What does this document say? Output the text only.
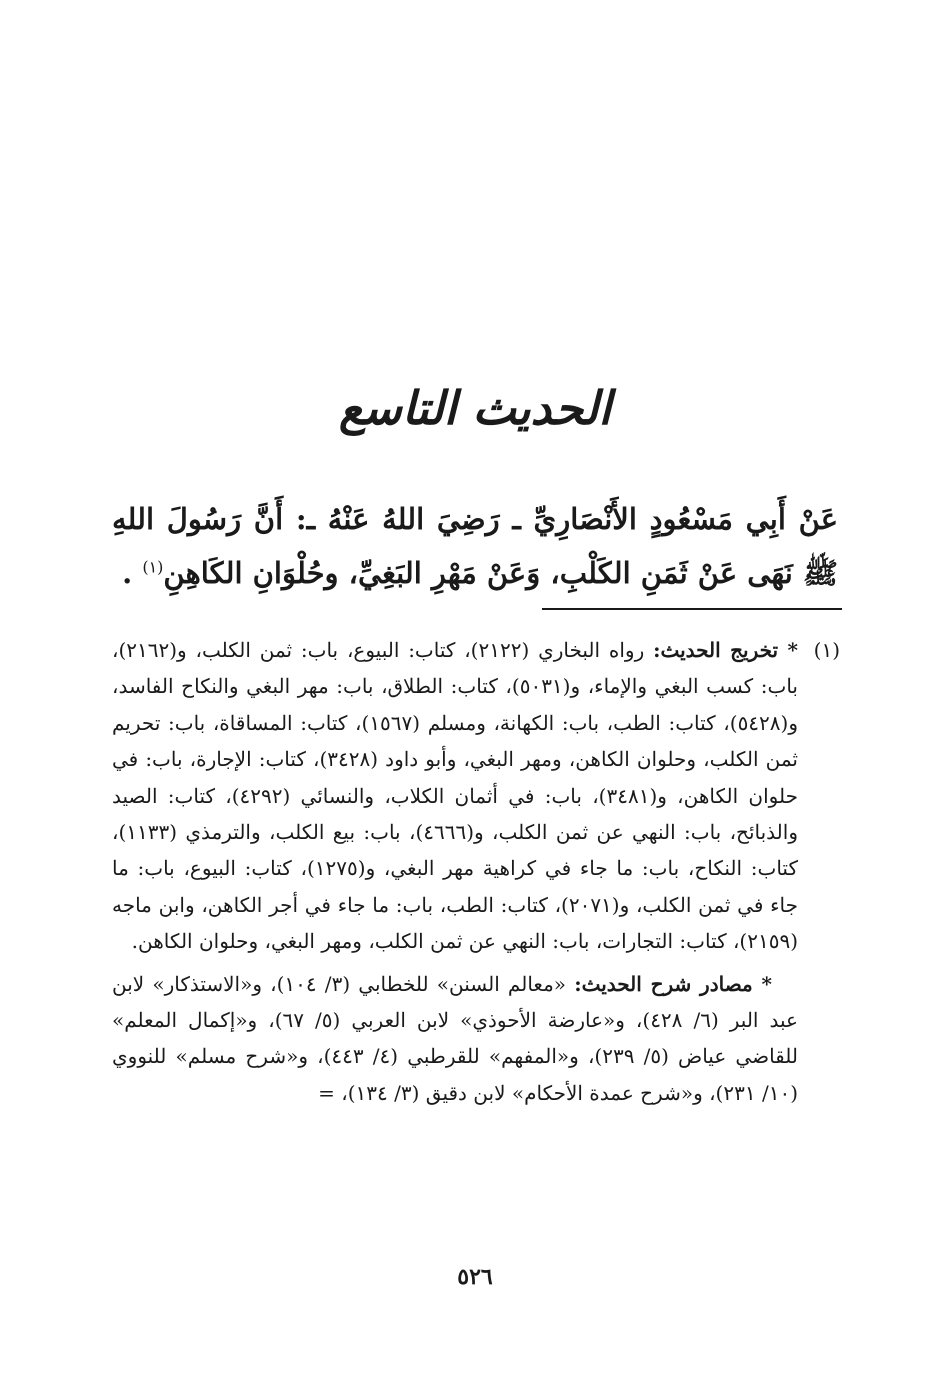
الحديث التاسع
عَنْ أَبِي مَسْعُودٍ الأَنْصَارِيِّ ـ رَضِيَ اللهُ عَنْهُ ـ: أَنَّ رَسُولَ اللهِ ﷺ نَهَى عَنْ ثَمَنِ الكَلْبِ، وَعَنْ مَهْرِ البَغِيِّ، وحُلْوَانِ الكَاهِنِ$^{(١)}$ .
(١)

* تخريج الحديث: رواه البخاري (٢١٢٢)، كتاب: البيوع، باب: ثمن الكلب، و(٢١٦٢)، باب: كسب البغي والإماء، و(٥٠٣١)، كتاب: الطلاق، باب: مهر البغي والنكاح الفاسد، و(٥٤٢٨)، كتاب: الطب، باب: الكهانة، ومسلم (١٥٦٧)، كتاب: المساقاة، باب: تحريم ثمن الكلب، وحلوان الكاهن، ومهر البغي، وأبو داود (٣٤٢٨)، كتاب: الإجارة، باب: في حلوان الكاهن، و(٣٤٨١)، باب: في أثمان الكلاب، والنسائي (٤٢٩٢)، كتاب: الصيد والذبائح، باب: النهي عن ثمن الكلب، و(٤٦٦٦)، باب: بيع الكلب، والترمذي (١١٣٣)، كتاب: النكاح، باب: ما جاء في كراهية مهر البغي، و(١٢٧٥)، كتاب: البيوع، باب: ما جاء في ثمن الكلب، و(٢٠٧١)، كتاب: الطب، باب: ما جاء في أجر الكاهن، وابن ماجه (٢١٥٩)، كتاب: التجارات، باب: النهي عن ثمن الكلب، ومهر البغي، وحلوان الكاهن.

* مصادر شرح الحديث: «معالم السنن» للخطابي (٣/ ١٠٤)، و«الاستذكار» لابن عبد البر (٦/ ٤٢٨)، و«عارضة الأحوذي» لابن العربي (٥/ ٦٧)، و«إكمال المعلم» للقاضي عياض (٥/ ٢٣٩)، و«المفهم» للقرطبي (٤/ ٤٤٣)، و«شرح مسلم» للنووي (١٠/ ٢٣١)، و«شرح عمدة الأحكام» لابن دقيق (٣/ ١٣٤)، =

٥٢٦
